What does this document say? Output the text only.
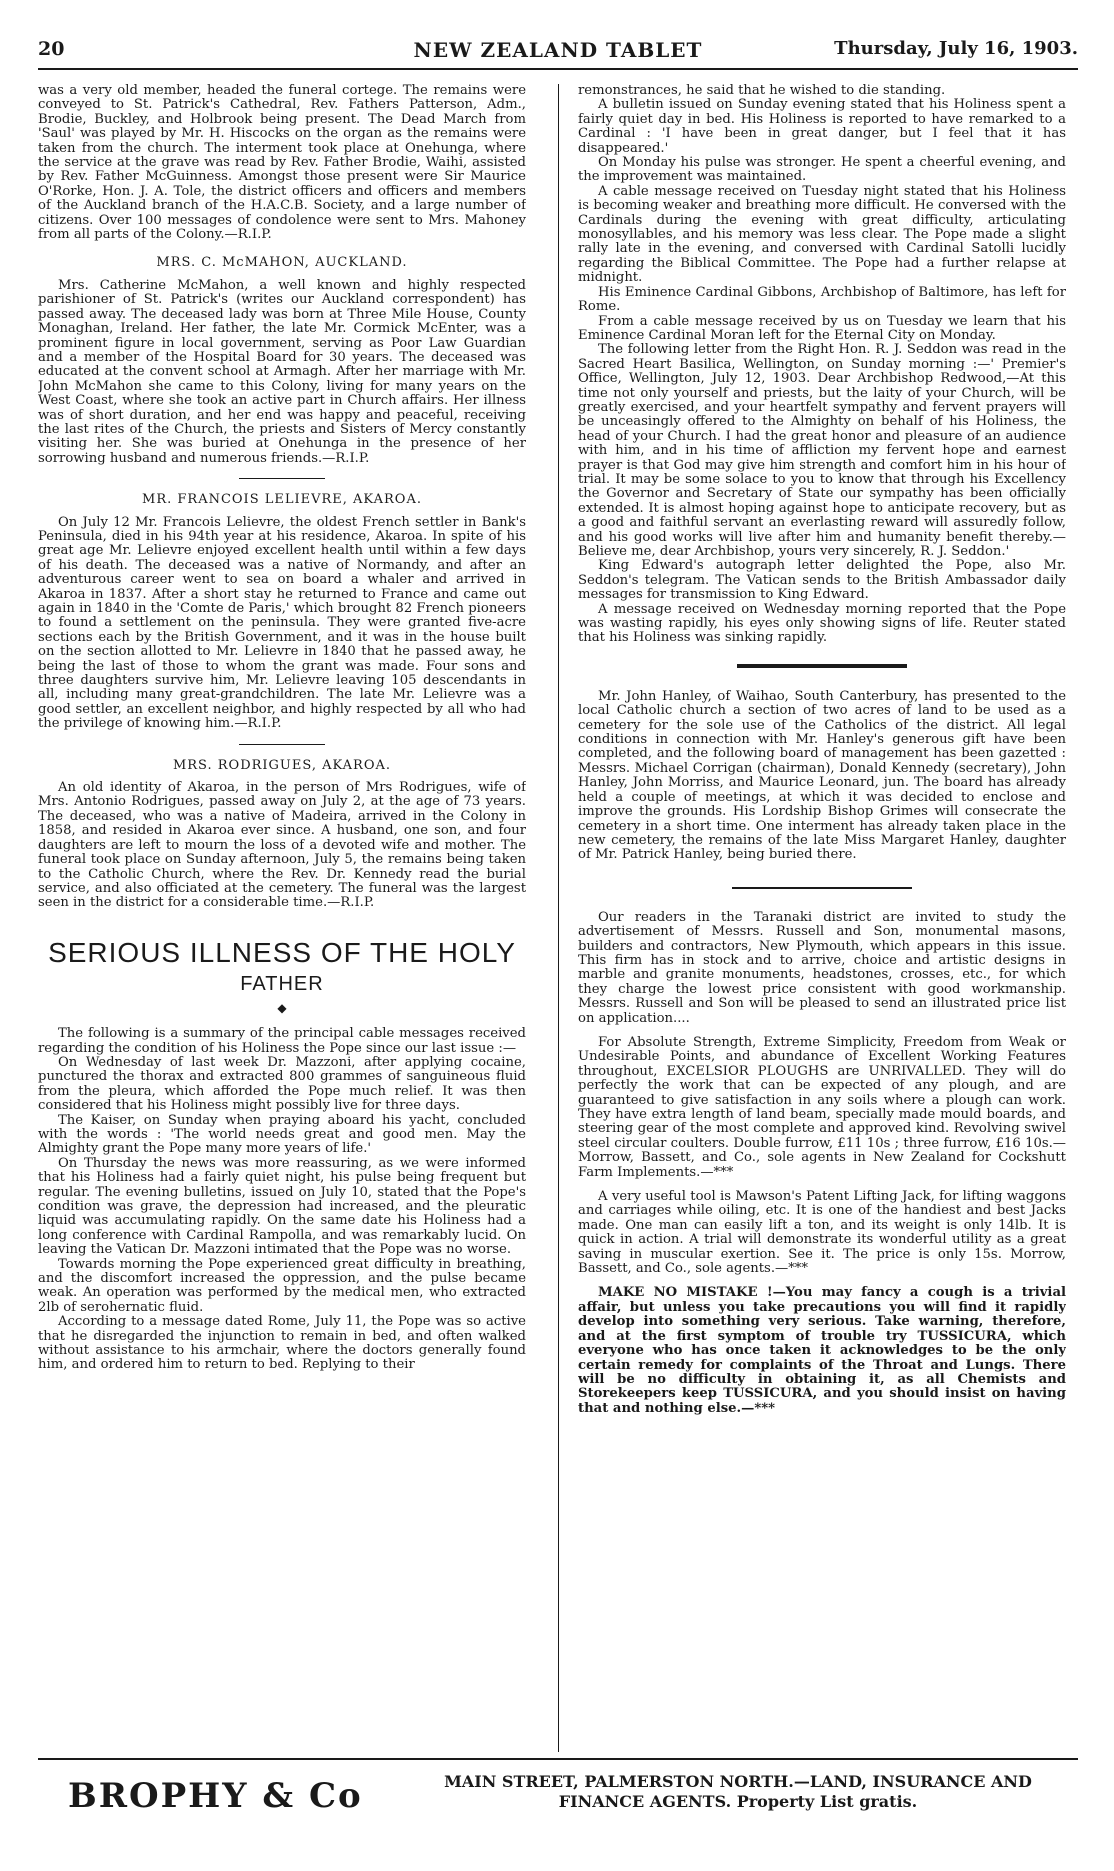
20	NEW ZEALAND TABLET	Thursday, July 16, 1903.

was a very old member, headed the funeral cortege. The remains were conveyed to St. Patrick's Cathedral, Rev. Fathers Patterson, Adm., Brodie, Buckley, and Holbrook being present. The Dead March from 'Saul' was played by Mr. H. Hiscocks on the organ as the remains were taken from the church. The interment took place at Onehunga, where the service at the grave was read by Rev. Father Brodie, Waihi, assisted by Rev. Father McGuinness. Amongst those present were Sir Maurice O'Rorke, Hon. J. A. Tole, the district officers and officers and members of the Auckland branch of the H.A.C.B. Society, and a large number of citizens. Over 100 messages of condolence were sent to Mrs. Mahoney from all parts of the Colony.—R.I.P.

MRS. C. McMAHON, AUCKLAND.

Mrs. Catherine McMahon, a well known and highly respected parishioner of St. Patrick's (writes our Auckland correspondent) has passed away. The deceased lady was born at Three Mile House, County Monaghan, Ireland. Her father, the late Mr. Cormick McEnter, was a prominent figure in local government, serving as Poor Law Guardian and a member of the Hospital Board for 30 years. The deceased was educated at the convent school at Armagh. After her marriage with Mr. John McMahon she came to this Colony, living for many years on the West Coast, where she took an active part in Church affairs. Her illness was of short duration, and her end was happy and peaceful, receiving the last rites of the Church, the priests and Sisters of Mercy constantly visiting her. She was buried at Onehunga in the presence of her sorrowing husband and numerous friends.—R.I.P.

MR. FRANCOIS LELIEVRE, AKAROA.

On July 12 Mr. Francois Lelievre, the oldest French settler in Bank's Peninsula, died in his 94th year at his residence, Akaroa. In spite of his great age Mr. Lelievre enjoyed excellent health until within a few days of his death. The deceased was a native of Normandy, and after an adventurous career went to sea on board a whaler and arrived in Akaroa in 1837. After a short stay he returned to France and came out again in 1840 in the 'Comte de Paris,' which brought 82 French pioneers to found a settlement on the peninsula. They were granted five-acre sections each by the British Government, and it was in the house built on the section allotted to Mr. Lelievre in 1840 that he passed away, he being the last of those to whom the grant was made. Four sons and three daughters survive him, Mr. Lelievre leaving 105 descendants in all, including many great-grandchildren. The late Mr. Lelievre was a good settler, an excellent neighbor, and highly respected by all who had the privilege of knowing him.—R.I.P.

MRS. RODRIGUES, AKAROA.

An old identity of Akaroa, in the person of Mrs Rodrigues, wife of Mrs. Antonio Rodrigues, passed away on July 2, at the age of 73 years. The deceased, who was a native of Madeira, arrived in the Colony in 1858, and resided in Akaroa ever since. A husband, one son, and four daughters are left to mourn the loss of a devoted wife and mother. The funeral took place on Sunday afternoon, July 5, the remains being taken to the Catholic Church, where the Rev. Dr. Kennedy read the burial service, and also officiated at the cemetery. The funeral was the largest seen in the district for a considerable time.—R.I.P.

SERIOUS ILLNESS OF THE HOLY
FATHER
◆

The following is a summary of the principal cable messages received regarding the condition of his Holiness the Pope since our last issue :—

On Wednesday of last week Dr. Mazzoni, after applying cocaine, punctured the thorax and extracted 800 grammes of sanguineous fluid from the pleura, which afforded the Pope much relief. It was then considered that his Holiness might possibly live for three days.

The Kaiser, on Sunday when praying aboard his yacht, concluded with the words : 'The world needs great and good men. May the Almighty grant the Pope many more years of life.'

On Thursday the news was more reassuring, as we were informed that his Holiness had a fairly quiet night, his pulse being frequent but regular. The evening bulletins, issued on July 10, stated that the Pope's condition was grave, the depression had increased, and the pleuratic liquid was accumulating rapidly. On the same date his Holiness had a long conference with Cardinal Rampolla, and was remarkably lucid. On leaving the Vatican Dr. Mazzoni intimated that the Pope was no worse.

Towards morning the Pope experienced great difficulty in breathing, and the discomfort increased the oppression, and the pulse became weak. An operation was performed by the medical men, who extracted 2lb of serohernatic fluid.

According to a message dated Rome, July 11, the Pope was so active that he disregarded the injunction to remain in bed, and often walked without assistance to his armchair, where the doctors generally found him, and ordered him to return to bed. Replying to their

remonstrances, he said that he wished to die standing.

A bulletin issued on Sunday evening stated that his Holiness spent a fairly quiet day in bed. His Holiness is reported to have remarked to a Cardinal : 'I have been in great danger, but I feel that it has disappeared.'

On Monday his pulse was stronger. He spent a cheerful evening, and the improvement was maintained.

A cable message received on Tuesday night stated that his Holiness is becoming weaker and breathing more difficult. He conversed with the Cardinals during the evening with great difficulty, articulating monosyllables, and his memory was less clear. The Pope made a slight rally late in the evening, and conversed with Cardinal Satolli lucidly regarding the Biblical Committee. The Pope had a further relapse at midnight.

His Eminence Cardinal Gibbons, Archbishop of Baltimore, has left for Rome.

From a cable message received by us on Tuesday we learn that his Eminence Cardinal Moran left for the Eternal City on Monday.

The following letter from the Right Hon. R. J. Seddon was read in the Sacred Heart Basilica, Wellington, on Sunday morning :—' Premier's Office, Wellington, July 12, 1903. Dear Archbishop Redwood,—At this time not only yourself and priests, but the laity of your Church, will be greatly exercised, and your heartfelt sympathy and fervent prayers will be unceasingly offered to the Almighty on behalf of his Holiness, the head of your Church. I had the great honor and pleasure of an audience with him, and in his time of affliction my fervent hope and earnest prayer is that God may give him strength and comfort him in his hour of trial. It may be some solace to you to know that through his Excellency the Governor and Secretary of State our sympathy has been officially extended. It is almost hoping against hope to anticipate recovery, but as a good and faithful servant an everlasting reward will assuredly follow, and his good works will live after him and humanity benefit thereby.—Believe me, dear Archbishop, yours very sincerely, R. J. Seddon.'

King Edward's autograph letter delighted the Pope, also Mr. Seddon's telegram. The Vatican sends to the British Ambassador daily messages for transmission to King Edward.

A message received on Wednesday morning reported that the Pope was wasting rapidly, his eyes only showing signs of life. Reuter stated that his Holiness was sinking rapidly.

Mr. John Hanley, of Waihao, South Canterbury, has presented to the local Catholic church a section of two acres of land to be used as a cemetery for the sole use of the Catholics of the district. All legal conditions in connection with Mr. Hanley's generous gift have been completed, and the following board of management has been gazetted : Messrs. Michael Corrigan (chairman), Donald Kennedy (secretary), John Hanley, John Morriss, and Maurice Leonard, jun. The board has already held a couple of meetings, at which it was decided to enclose and improve the grounds. His Lordship Bishop Grimes will consecrate the cemetery in a short time. One interment has already taken place in the new cemetery, the remains of the late Miss Margaret Hanley, daughter of Mr. Patrick Hanley, being buried there.

Our readers in the Taranaki district are invited to study the advertisement of Messrs. Russell and Son, monumental masons, builders and contractors, New Plymouth, which appears in this issue. This firm has in stock and to arrive, choice and artistic designs in marble and granite monuments, headstones, crosses, etc., for which they charge the lowest price consistent with good workmanship. Messrs. Russell and Son will be pleased to send an illustrated price list on application....

For Absolute Strength, Extreme Simplicity, Freedom from Weak or Undesirable Points, and abundance of Excellent Working Features throughout, EXCELSIOR PLOUGHS are UNRIVALLED. They will do perfectly the work that can be expected of any plough, and are guaranteed to give satisfaction in any soils where a plough can work. They have extra length of land beam, specially made mould boards, and steering gear of the most complete and approved kind. Revolving swivel steel circular coulters. Double furrow, £11 10s ; three furrow, £16 10s.—Morrow, Bassett, and Co., sole agents in New Zealand for Cockshutt Farm Implements.—***

A very useful tool is Mawson's Patent Lifting Jack, for lifting waggons and carriages while oiling, etc. It is one of the handiest and best Jacks made. One man can easily lift a ton, and its weight is only 14lb. It is quick in action. A trial will demonstrate its wonderful utility as a great saving in muscular exertion. See it. The price is only 15s. Morrow, Bassett, and Co., sole agents.—***

MAKE NO MISTAKE !—You may fancy a cough is a trivial affair, but unless you take precautions you will find it rapidly develop into something very serious. Take warning, therefore, and at the first symptom of trouble try TUSSICURA, which everyone who has once taken it acknowledges to be the only certain remedy for complaints of the Throat and Lungs. There will be no difficulty in obtaining it, as all Chemists and Storekeepers keep TUSSICURA, and you should insist on having that and nothing else.—***

BROPHY & Co	MAIN STREET, PALMERSTON NORTH.—LAND, INSURANCE AND
FINANCE AGENTS. Property List gratis.
